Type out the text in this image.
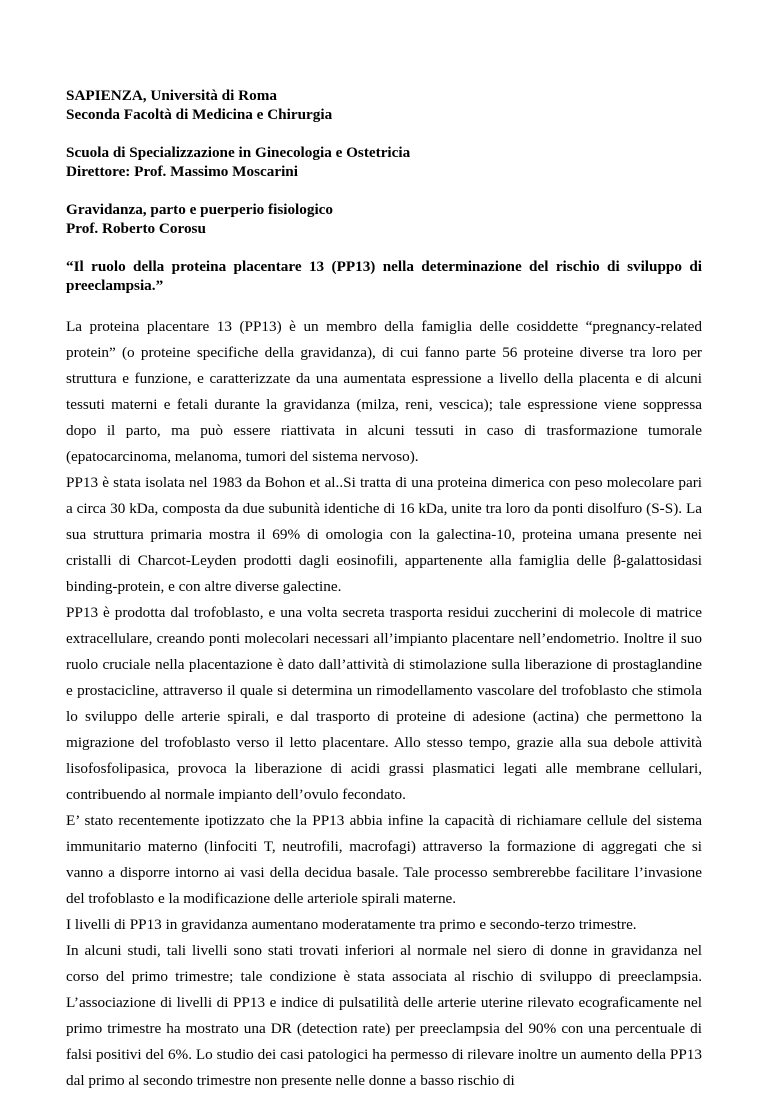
SAPIENZA, Università di Roma

Seconda Facoltà di Medicina e Chirurgia

Scuola di Specializzazione in Ginecologia e Ostetricia

Direttore: Prof. Massimo Moscarini

Gravidanza, parto e puerperio fisiologico

Prof. Roberto Corosu

“Il ruolo della proteina placentare 13 (PP13) nella determinazione del rischio di sviluppo di preeclampsia.”

La proteina placentare 13 (PP13) è un membro della famiglia delle cosiddette “pregnancy-related protein” (o proteine specifiche della gravidanza), di cui fanno parte 56 proteine diverse tra loro per struttura e funzione, e caratterizzate da una aumentata espressione a livello della placenta e di alcuni tessuti materni e fetali durante la gravidanza (milza, reni, vescica); tale espressione viene soppressa dopo il parto, ma può essere riattivata in alcuni tessuti in caso di trasformazione tumorale (epatocarcinoma, melanoma, tumori del sistema nervoso).

PP13 è stata isolata nel 1983 da Bohon et al..Si tratta di una proteina dimerica con peso molecolare pari a circa 30 kDa, composta da due subunità identiche di 16 kDa, unite tra loro da ponti disolfuro (S-S). La sua struttura primaria mostra il 69% di omologia con la galectina-10, proteina umana presente nei cristalli di Charcot-Leyden prodotti dagli eosinofili, appartenente alla famiglia delle β-galattosidasi binding-protein, e con altre diverse galectine.

PP13 è prodotta dal trofoblasto, e una volta secreta trasporta residui zuccherini di molecole di matrice extracellulare, creando ponti molecolari necessari all’impianto placentare nell’endometrio. Inoltre il suo ruolo cruciale nella placentazione è dato dall’attività di stimolazione sulla liberazione di prostaglandine e prostacicline, attraverso il quale si determina un rimodellamento vascolare del trofoblasto che stimola lo sviluppo delle arterie spirali, e dal trasporto di proteine di adesione (actina) che permettono la migrazione del trofoblasto verso il letto placentare. Allo stesso tempo, grazie alla sua debole attività lisofosfolipasica, provoca la liberazione di acidi grassi plasmatici legati alle membrane cellulari, contribuendo al normale impianto dell’ovulo fecondato.

E’ stato recentemente ipotizzato che la PP13 abbia infine la capacità di richiamare cellule del sistema immunitario materno (linfociti T, neutrofili, macrofagi) attraverso la formazione di aggregati che si vanno a disporre intorno ai vasi della decidua basale. Tale processo sembrerebbe facilitare l’invasione del trofoblasto e la modificazione delle arteriole spirali materne.

I livelli di PP13 in gravidanza aumentano moderatamente tra primo e secondo-terzo trimestre.

In alcuni studi, tali livelli sono stati trovati inferiori al normale nel siero di donne in gravidanza nel corso del primo trimestre; tale condizione è stata associata al rischio di sviluppo di preeclampsia. L’associazione di livelli di PP13 e indice di pulsatilità delle arterie uterine rilevato ecograficamente nel primo trimestre ha mostrato una DR (detection rate) per preeclampsia del 90% con una percentuale di falsi positivi del 6%. Lo studio dei casi patologici ha permesso di rilevare inoltre un aumento della PP13 dal primo al secondo trimestre non presente nelle donne a basso rischio di
